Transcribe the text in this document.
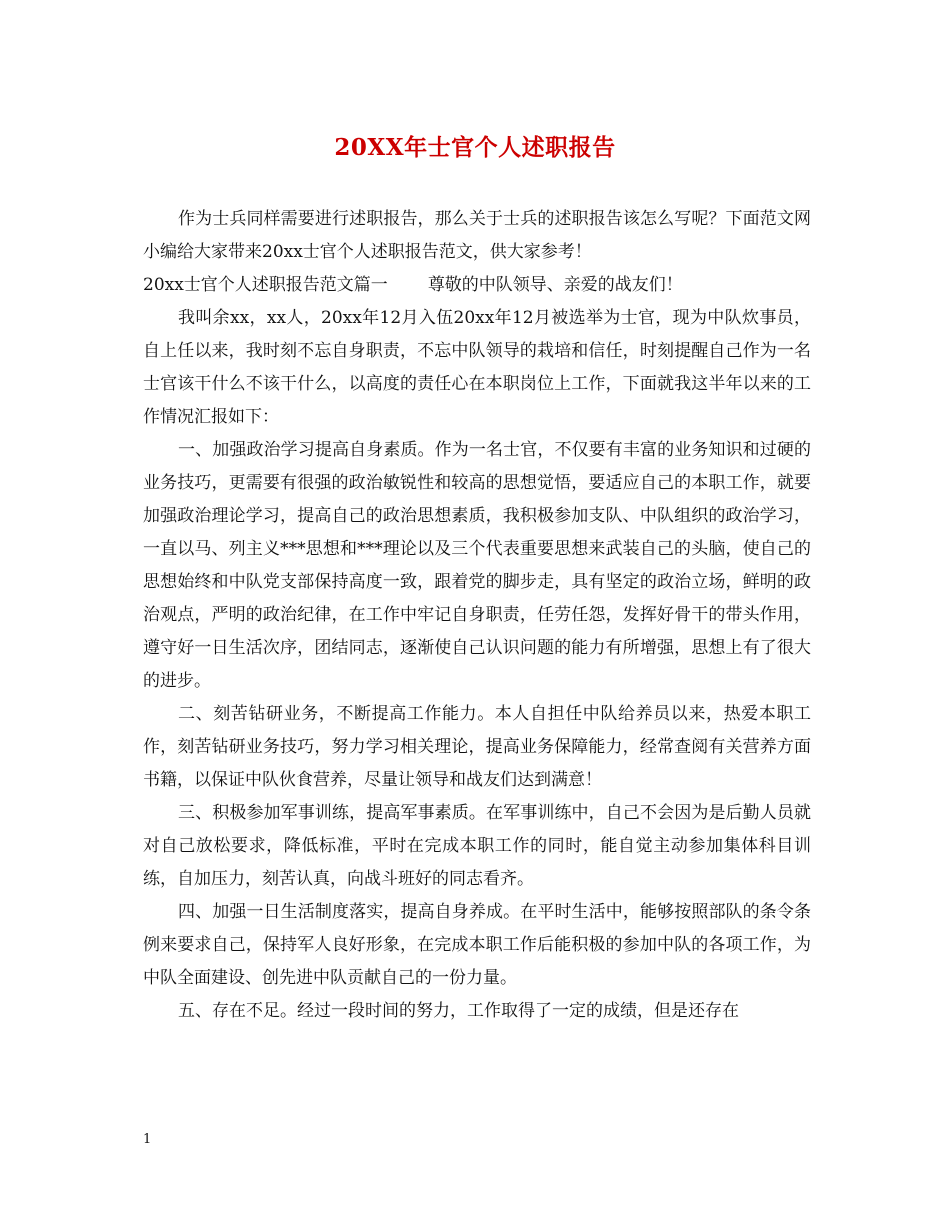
20XX年士官个人述职报告

作为士兵同样需要进行述职报告，那么关于士兵的述职报告该怎么写呢？下面范文网小编给大家带来20xx士官个人述职报告范文，供大家参考！

20xx士官个人述职报告范文篇一 尊敬的中队领导、亲爱的战友们！

我叫余xx，xx人，20xx年12月入伍20xx年12月被选举为士官，现为中队炊事员，自上任以来，我时刻不忘自身职责，不忘中队领导的栽培和信任，时刻提醒自己作为一名士官该干什么不该干什么，以高度的责任心在本职岗位上工作，下面就我这半年以来的工作情况汇报如下：

一、加强政治学习提高自身素质。作为一名士官，不仅要有丰富的业务知识和过硬的业务技巧，更需要有很强的政治敏锐性和较高的思想觉悟，要适应自己的本职工作，就要加强政治理论学习，提高自己的政治思想素质，我积极参加支队、中队组织的政治学习，一直以马、列主义***思想和***理论以及三个代表重要思想来武装自己的头脑，使自己的思想始终和中队党支部保持高度一致，跟着党的脚步走，具有坚定的政治立场，鲜明的政治观点，严明的政治纪律，在工作中牢记自身职责，任劳任怨，发挥好骨干的带头作用，遵守好一日生活次序，团结同志，逐渐使自己认识问题的能力有所增强，思想上有了很大的进步。

二、刻苦钻研业务，不断提高工作能力。本人自担任中队给养员以来，热爱本职工作，刻苦钻研业务技巧，努力学习相关理论，提高业务保障能力，经常查阅有关营养方面书籍，以保证中队伙食营养，尽量让领导和战友们达到满意！

三、积极参加军事训练，提高军事素质。在军事训练中，自己不会因为是后勤人员就对自己放松要求，降低标准，平时在完成本职工作的同时，能自觉主动参加集体科目训练，自加压力，刻苦认真，向战斗班好的同志看齐。

四、加强一日生活制度落实，提高自身养成。在平时生活中，能够按照部队的条令条例来要求自己，保持军人良好形象，在完成本职工作后能积极的参加中队的各项工作，为中队全面建设、创先进中队贡献自己的一份力量。

五、存在不足。经过一段时间的努力，工作取得了一定的成绩，但是还存在

1
